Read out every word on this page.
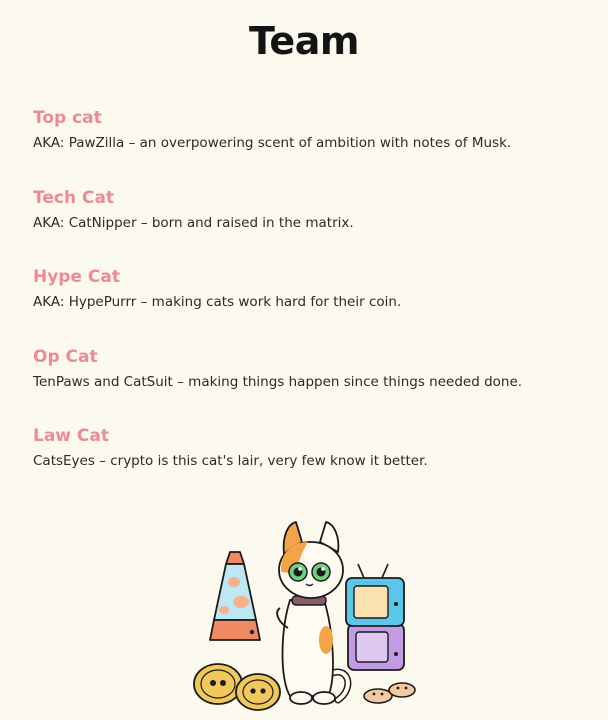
Team
Top cat

AKA: PawZilla – an overpowering scent of ambition with notes of Musk.

Tech Cat

AKA: CatNipper – born and raised in the matrix.

Hype Cat

AKA: HypePurrr – making cats work hard for their coin.

Op Cat

TenPaws and CatSuit – making things happen since things needed done.

Law Cat

CatsEyes – crypto is this cat's lair, very few know it better.
